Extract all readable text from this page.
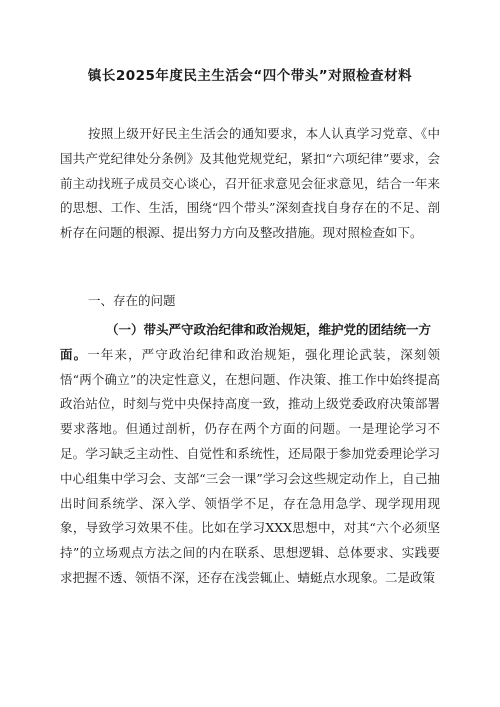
镇长2025年度民主生活会“四个带头”对照检查材料

按照上级开好民主生活会的通知要求，本人认真学习党章、《中国共产党纪律处分条例》及其他党规党纪，紧扣“六项纪律”要求，会前主动找班子成员交心谈心，召开征求意见会征求意见，结合一年来的思想、工作、生活，围绕“四个带头”深刻查找自身存在的不足、剖析存在问题的根源、提出努力方向及整改措施。现对照检查如下。

一、存在的问题

（一）带头严守政治纪律和政治规矩，维护党的团结统一方面。一年来，严守政治纪律和政治规矩，强化理论武装，深刻领悟“两个确立”的决定性意义，在想问题、作决策、推工作中始终提高政治站位，时刻与党中央保持高度一致，推动上级党委政府决策部署要求落地。但通过剖析，仍存在两个方面的问题。一是理论学习不足。学习缺乏主动性、自觉性和系统性，还局限于参加党委理论学习中心组集中学习会、支部“三会一课”学习会这些规定动作上，自己抽出时间系统学、深入学、领悟学不足，存在急用急学、现学现用现象，导致学习效果不佳。比如在学习XXX思想中，对其“六个必须坚持”的立场观点方法之间的内在联系、思想逻辑、总体要求、实践要求把握不透、领悟不深，还存在浅尝辄止、蜻蜓点水现象。二是政策
